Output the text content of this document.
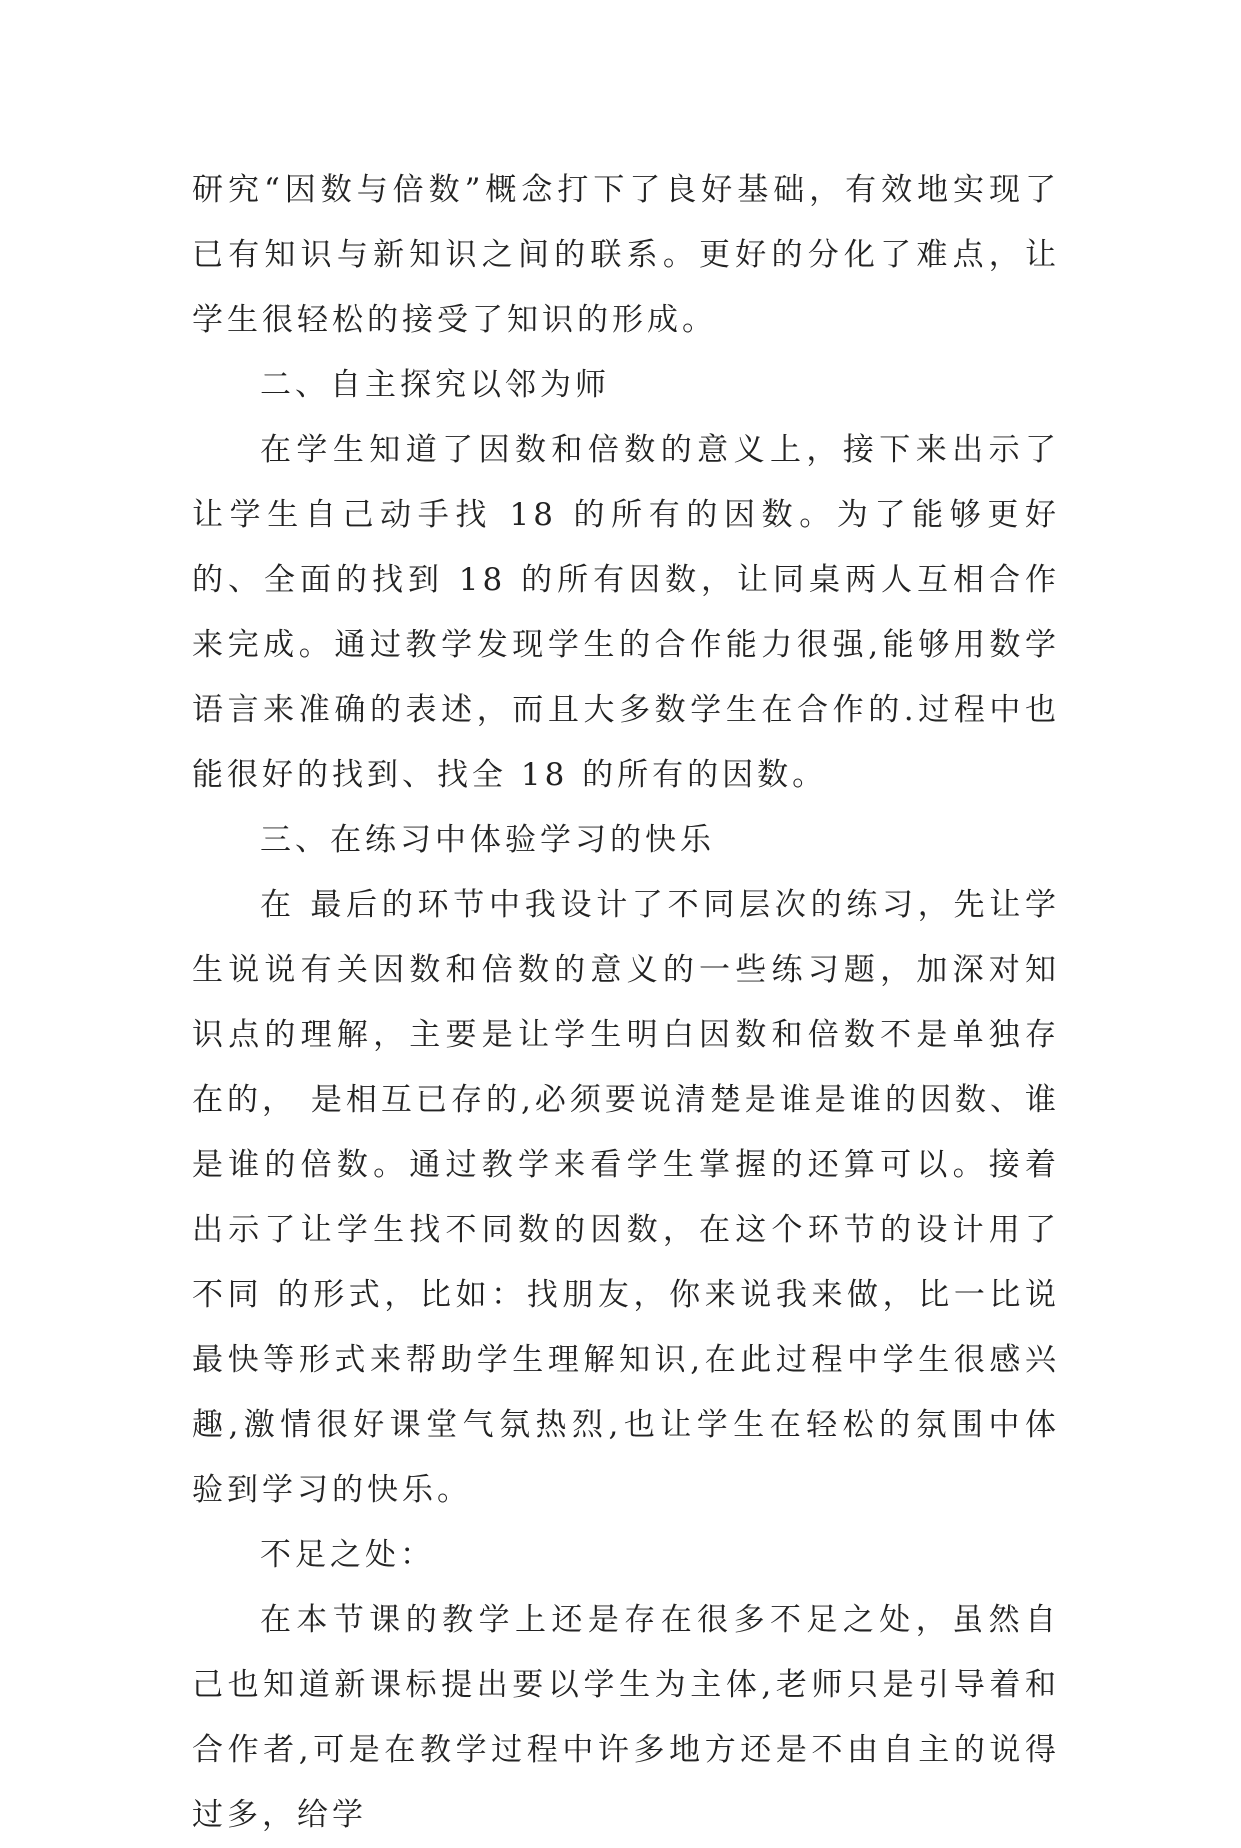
研究“因数与倍数”概念打下了良好基础，有效地实现了已有知识与新知识之间的联系。更好的分化了难点，让学生很轻松的接受了知识的形成。

二、自主探究以邻为师

在学生知道了因数和倍数的意义上，接下来出示了让学生自己动手找 18 的所有的因数。为了能够更好的、全面的找到 18 的所有因数，让同桌两人互相合作来完成。通过教学发现学生的合作能力很强,能够用数学语言来准确的表述，而且大多数学生在合作的.过程中也能很好的找到、找全 18 的所有的因数。

三、在练习中体验学习的快乐

在 最后的环节中我设计了不同层次的练习，先让学生说说有关因数和倍数的意义的一些练习题，加深对知识点的理解，主要是让学生明白因数和倍数不是单独存在的， 是相互已存的,必须要说清楚是谁是谁的因数、谁是谁的倍数。通过教学来看学生掌握的还算可以。接着出示了让学生找不同数的因数，在这个环节的设计用了不同 的形式，比如：找朋友，你来说我来做，比一比说最快等形式来帮助学生理解知识,在此过程中学生很感兴趣,激情很好课堂气氛热烈,也让学生在轻松的氛围中体 验到学习的快乐。

不足之处：

在本节课的教学上还是存在很多不足之处，虽然自己也知道新课标提出要以学生为主体,老师只是引导着和合作者,可是在教学过程中许多地方还是不由自主的说得过多，给学
